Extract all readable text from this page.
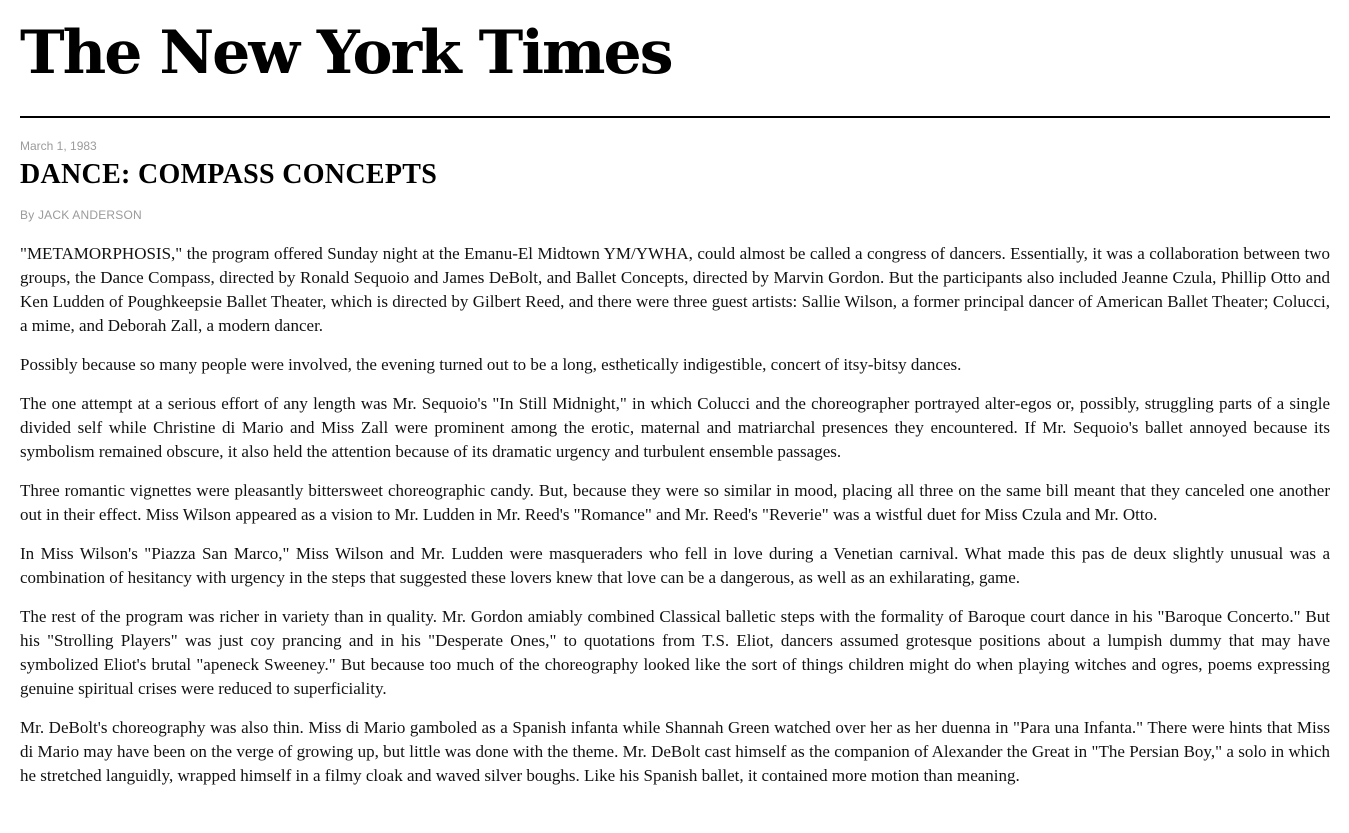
The New York Times
March 1, 1983
DANCE: COMPASS CONCEPTS
By JACK ANDERSON

"METAMORPHOSIS," the program offered Sunday night at the Emanu-El Midtown YM/YWHA, could almost be called a congress of dancers. Essentially, it was a collaboration between two groups, the Dance Compass, directed by Ronald Sequoio and James DeBolt, and Ballet Concepts, directed by Marvin Gordon. But the participants also included Jeanne Czula, Phillip Otto and Ken Ludden of Poughkeepsie Ballet Theater, which is directed by Gilbert Reed, and there were three guest artists: Sallie Wilson, a former principal dancer of American Ballet Theater; Colucci, a mime, and Deborah Zall, a modern dancer.

Possibly because so many people were involved, the evening turned out to be a long, esthetically indigestible, concert of itsy-bitsy dances.

The one attempt at a serious effort of any length was Mr. Sequoio's "In Still Midnight," in which Colucci and the choreographer portrayed alter-egos or, possibly, struggling parts of a single divided self while Christine di Mario and Miss Zall were prominent among the erotic, maternal and matriarchal presences they encountered. If Mr. Sequoio's ballet annoyed because its symbolism remained obscure, it also held the attention because of its dramatic urgency and turbulent ensemble passages.

Three romantic vignettes were pleasantly bittersweet choreographic candy. But, because they were so similar in mood, placing all three on the same bill meant that they canceled one another out in their effect. Miss Wilson appeared as a vision to Mr. Ludden in Mr. Reed's "Romance" and Mr. Reed's "Reverie" was a wistful duet for Miss Czula and Mr. Otto.

In Miss Wilson's "Piazza San Marco," Miss Wilson and Mr. Ludden were masqueraders who fell in love during a Venetian carnival. What made this pas de deux slightly unusual was a combination of hesitancy with urgency in the steps that suggested these lovers knew that love can be a dangerous, as well as an exhilarating, game.

The rest of the program was richer in variety than in quality. Mr. Gordon amiably combined Classical balletic steps with the formality of Baroque court dance in his "Baroque Concerto." But his "Strolling Players" was just coy prancing and in his "Desperate Ones," to quotations from T.S. Eliot, dancers assumed grotesque positions about a lumpish dummy that may have symbolized Eliot's brutal "apeneck Sweeney." But because too much of the choreography looked like the sort of things children might do when playing witches and ogres, poems expressing genuine spiritual crises were reduced to superficiality.

Mr. DeBolt's choreography was also thin. Miss di Mario gamboled as a Spanish infanta while Shannah Green watched over her as her duenna in "Para una Infanta." There were hints that Miss di Mario may have been on the verge of growing up, but little was done with the theme. Mr. DeBolt cast himself as the companion of Alexander the Great in "The Persian Boy," a solo in which he stretched languidly, wrapped himself in a filmy cloak and waved silver boughs. Like his Spanish ballet, it contained more motion than meaning.
